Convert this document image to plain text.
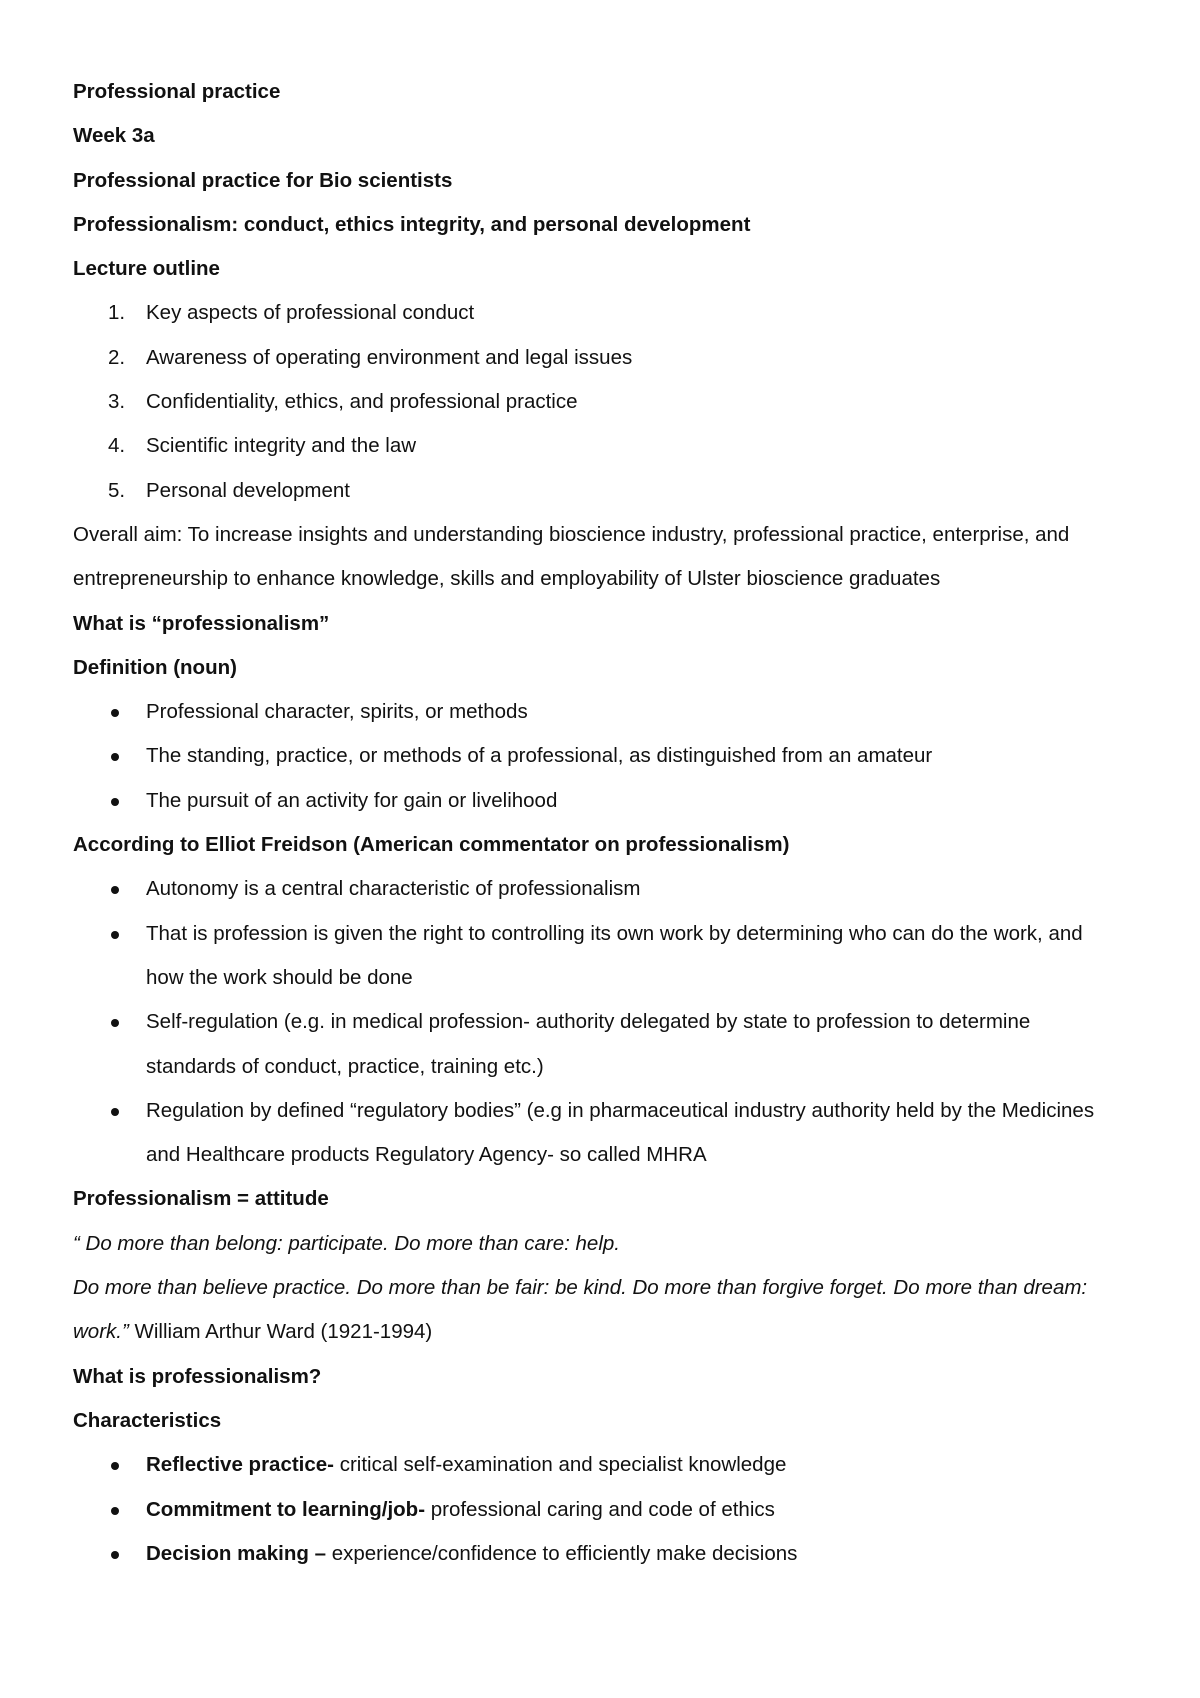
Professional practice
Week 3a
Professional practice for Bio scientists
Professionalism: conduct, ethics integrity, and personal development
Lecture outline
1. Key aspects of professional conduct
2. Awareness of operating environment and legal issues
3. Confidentiality, ethics, and professional practice
4. Scientific integrity and the law
5. Personal development
Overall aim: To increase insights and understanding bioscience industry, professional practice, enterprise, and entrepreneurship to enhance knowledge, skills and employability of Ulster bioscience graduates
What is “professionalism”
Definition (noun)
Professional character, spirits, or methods
The standing, practice, or methods of a professional, as distinguished from an amateur
The pursuit of an activity for gain or livelihood
According to Elliot Freidson (American commentator on professionalism)
Autonomy is a central characteristic of professionalism
That is profession is given the right to controlling its own work by determining who can do the work, and how the work should be done
Self-regulation (e.g. in medical profession- authority delegated by state to profession to determine standards of conduct, practice, training etc.)
Regulation by defined “regulatory bodies” (e.g in pharmaceutical industry authority held by the Medicines and Healthcare products Regulatory Agency- so called MHRA
Professionalism = attitude
“ Do more than belong: participate. Do more than care: help.
Do more than believe practice. Do more than be fair: be kind. Do more than forgive forget. Do more than dream: work.” William Arthur Ward (1921-1994)
What is professionalism?
Characteristics
Reflective practice- critical self-examination and specialist knowledge
Commitment to learning/job- professional caring and code of ethics
Decision making – experience/confidence to efficiently make decisions
